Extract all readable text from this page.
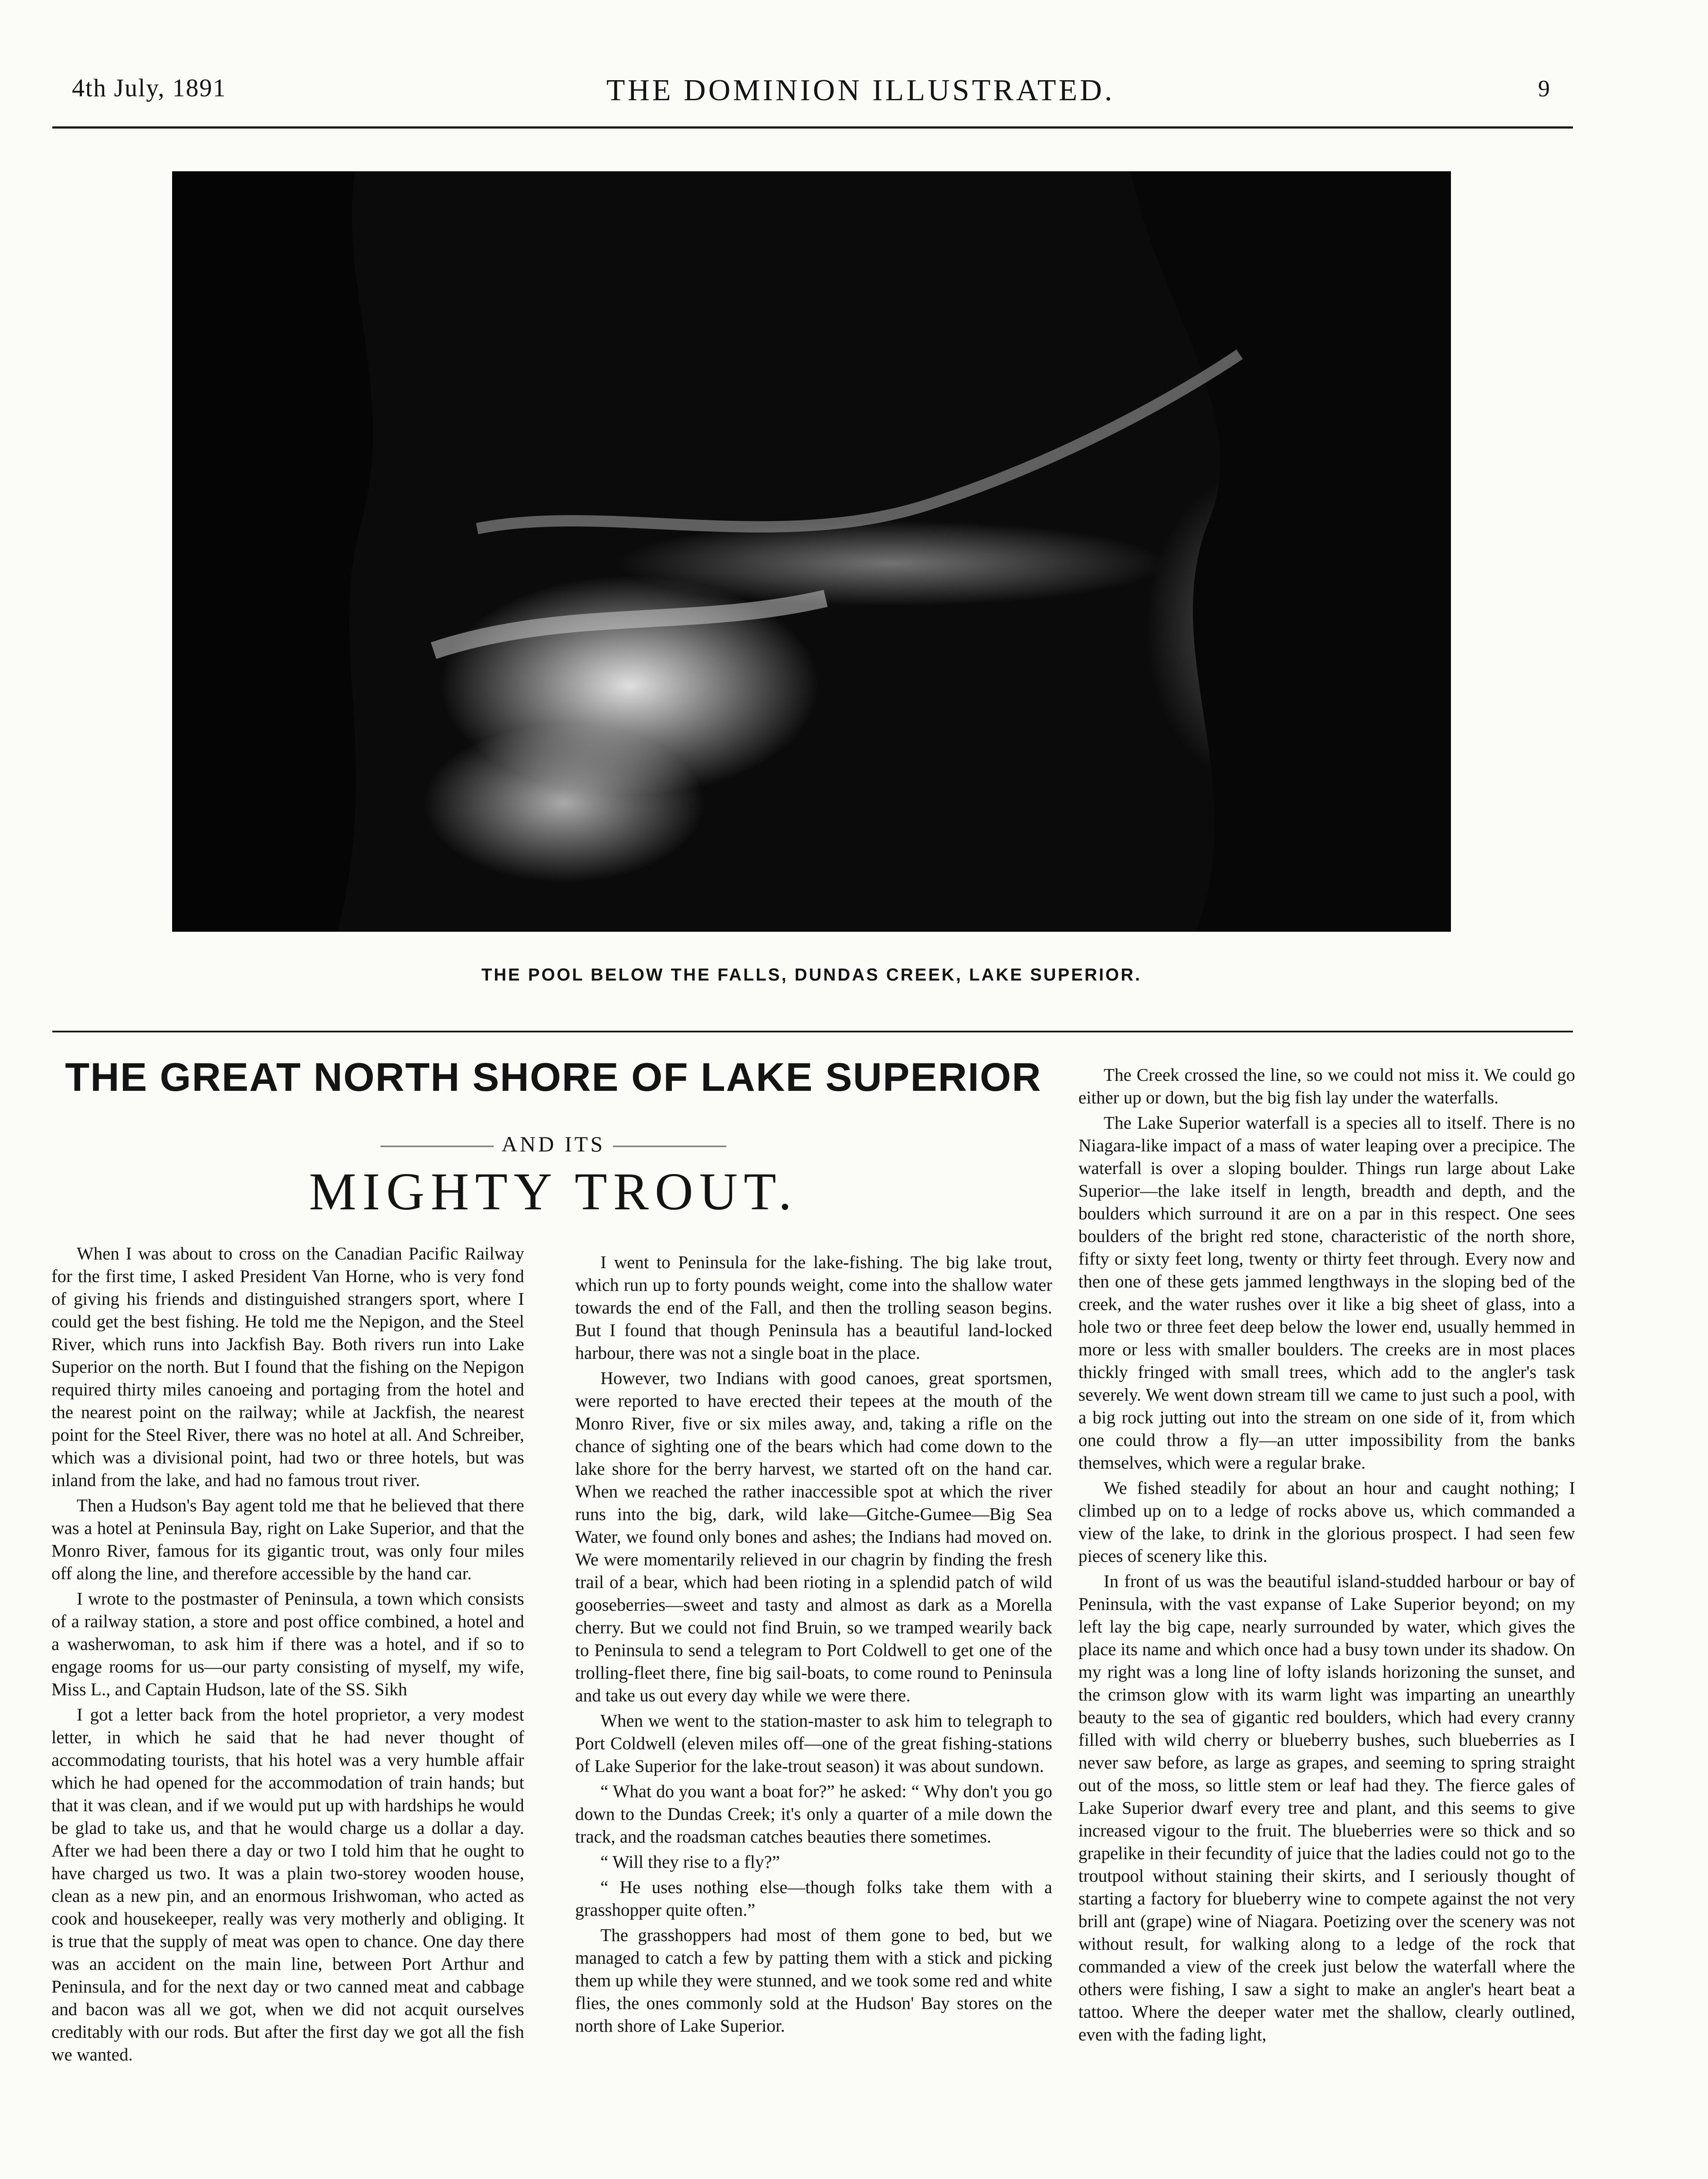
4th July, 1891	THE DOMINION ILLUSTRATED.	9
THE POOL BELOW THE FALLS, DUNDAS CREEK, LAKE SUPERIOR.
THE GREAT NORTH SHORE OF LAKE SUPERIOR
AND ITS
MIGHTY TROUT.

When I was about to cross on the Canadian Pacific Railway for the first time, I asked President Van Horne, who is very fond of giving his friends and distinguished strangers sport, where I could get the best fishing. He told me the Nepigon, and the Steel River, which runs into Jackfish Bay. Both rivers run into Lake Superior on the north. But I found that the fishing on the Nepigon required thirty miles canoeing and portaging from the hotel and the nearest point on the railway; while at Jackfish, the nearest point for the Steel River, there was no hotel at all. And Schreiber, which was a divisional point, had two or three hotels, but was inland from the lake, and had no famous trout river.

Then a Hudson's Bay agent told me that he believed that there was a hotel at Peninsula Bay, right on Lake Superior, and that the Monro River, famous for its gigantic trout, was only four miles off along the line, and therefore accessible by the hand car.

I wrote to the postmaster of Peninsula, a town which consists of a railway station, a store and post office combined, a hotel and a washerwoman, to ask him if there was a hotel, and if so to engage rooms for us—our party consisting of myself, my wife, Miss L., and Captain Hudson, late of the SS. Sikh

I got a letter back from the hotel proprietor, a very modest letter, in which he said that he had never thought of accommodating tourists, that his hotel was a very humble affair which he had opened for the accommodation of train hands; but that it was clean, and if we would put up with hardships he would be glad to take us, and that he would charge us a dollar a day. After we had been there a day or two I told him that he ought to have charged us two. It was a plain two-storey wooden house, clean as a new pin, and an enormous Irishwoman, who acted as cook and housekeeper, really was very motherly and obliging. It is true that the supply of meat was open to chance. One day there was an accident on the main line, between Port Arthur and Peninsula, and for the next day or two canned meat and cabbage and bacon was all we got, when we did not acquit ourselves creditably with our rods. But after the first day we got all the fish we wanted.

I went to Peninsula for the lake-fishing. The big lake trout, which run up to forty pounds weight, come into the shallow water towards the end of the Fall, and then the trolling season begins. But I found that though Peninsula has a beautiful land-locked harbour, there was not a single boat in the place.

However, two Indians with good canoes, great sportsmen, were reported to have erected their tepees at the mouth of the Monro River, five or six miles away, and, taking a rifle on the chance of sighting one of the bears which had come down to the lake shore for the berry harvest, we started oft on the hand car. When we reached the rather inaccessible spot at which the river runs into the big, dark, wild lake—Gitche-Gumee—Big Sea Water, we found only bones and ashes; the Indians had moved on. We were momentarily relieved in our chagrin by finding the fresh trail of a bear, which had been rioting in a splendid patch of wild gooseberries—sweet and tasty and almost as dark as a Morella cherry. But we could not find Bruin, so we tramped wearily back to Peninsula to send a telegram to Port Coldwell to get one of the trolling-fleet there, fine big sail-boats, to come round to Peninsula and take us out every day while we were there.

When we went to the station-master to ask him to telegraph to Port Coldwell (eleven miles off—one of the great fishing-stations of Lake Superior for the lake-trout season) it was about sundown.

“ What do you want a boat for?” he asked: “ Why don't you go down to the Dundas Creek; it's only a quarter of a mile down the track, and the roadsman catches beauties there sometimes.

“ Will they rise to a fly?”

“ He uses nothing else—though folks take them with a grasshopper quite often.”

The grasshoppers had most of them gone to bed, but we managed to catch a few by patting them with a stick and picking them up while they were stunned, and we took some red and white flies, the ones commonly sold at the Hudson' Bay stores on the north shore of Lake Superior.

The Creek crossed the line, so we could not miss it. We could go either up or down, but the big fish lay under the waterfalls.

The Lake Superior waterfall is a species all to itself. There is no Niagara-like impact of a mass of water leaping over a precipice. The waterfall is over a sloping boulder. Things run large about Lake Superior—the lake itself in length, breadth and depth, and the boulders which surround it are on a par in this respect. One sees boulders of the bright red stone, characteristic of the north shore, fifty or sixty feet long, twenty or thirty feet through. Every now and then one of these gets jammed lengthways in the sloping bed of the creek, and the water rushes over it like a big sheet of glass, into a hole two or three feet deep below the lower end, usually hemmed in more or less with smaller boulders. The creeks are in most places thickly fringed with small trees, which add to the angler's task severely. We went down stream till we came to just such a pool, with a big rock jutting out into the stream on one side of it, from which one could throw a fly—an utter impossibility from the banks themselves, which were a regular brake.

We fished steadily for about an hour and caught nothing; I climbed up on to a ledge of rocks above us, which commanded a view of the lake, to drink in the glorious prospect. I had seen few pieces of scenery like this.

In front of us was the beautiful island-studded harbour or bay of Peninsula, with the vast expanse of Lake Superior beyond; on my left lay the big cape, nearly surrounded by water, which gives the place its name and which once had a busy town under its shadow. On my right was a long line of lofty islands horizoning the sunset, and the crimson glow with its warm light was imparting an unearthly beauty to the sea of gigantic red boulders, which had every cranny filled with wild cherry or blueberry bushes, such blueberries as I never saw before, as large as grapes, and seeming to spring straight out of the moss, so little stem or leaf had they. The fierce gales of Lake Superior dwarf every tree and plant, and this seems to give increased vigour to the fruit. The blueberries were so thick and so grapelike in their fecundity of juice that the ladies could not go to the troutpool without staining their skirts, and I seriously thought of starting a factory for blueberry wine to compete against the not very brill ant (grape) wine of Niagara. Poetizing over the scenery was not without result, for walking along to a ledge of the rock that commanded a view of the creek just below the waterfall where the others were fishing, I saw a sight to make an angler's heart beat a tattoo. Where the deeper water met the shallow, clearly outlined, even with the fading light,
